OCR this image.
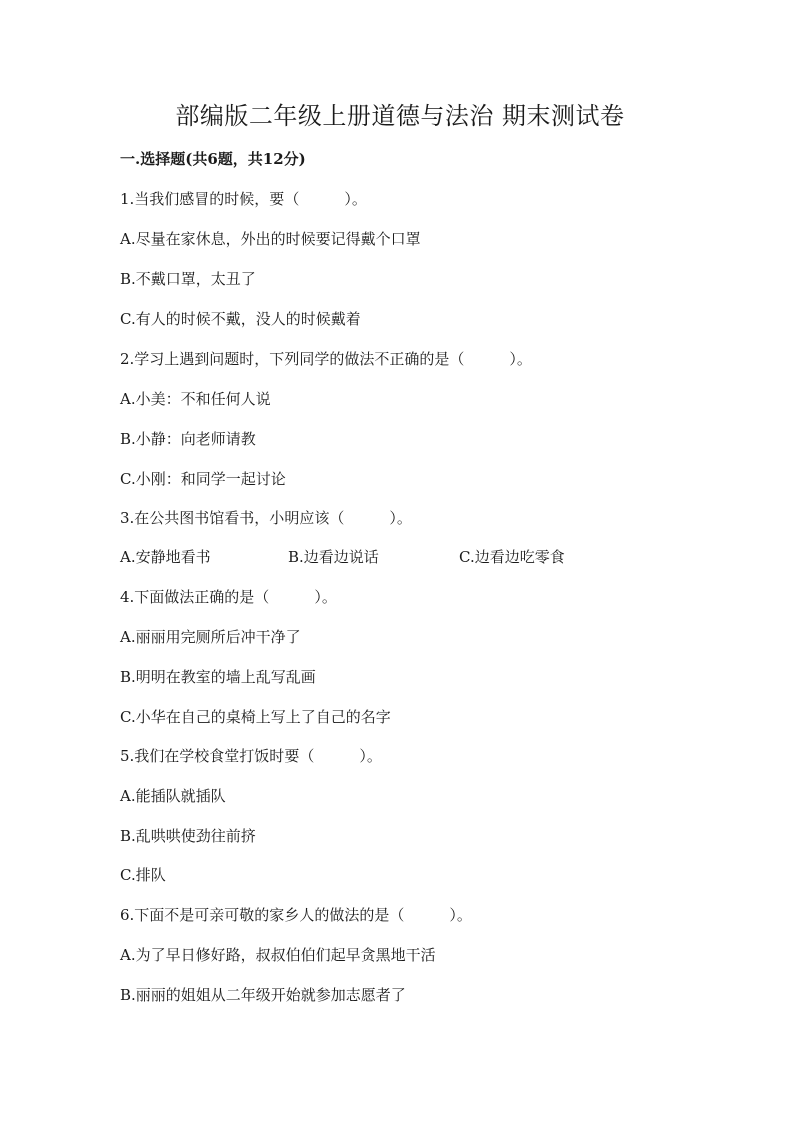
部编版二年级上册道德与法治 期末测试卷
一.选择题(共6题，共12分)
1.当我们感冒的时候，要（　　　）。
A.尽量在家休息，外出的时候要记得戴个口罩
B.不戴口罩，太丑了
C.有人的时候不戴，没人的时候戴着
2.学习上遇到问题时，下列同学的做法不正确的是（　　　）。
A.小美：不和任何人说
B.小静：向老师请教
C.小刚：和同学一起讨论
3.在公共图书馆看书，小明应该（　　　）。
A.安静地看书	B.边看边说话	C.边看边吃零食
4.下面做法正确的是（　　　）。
A.丽丽用完厕所后冲干净了
B.明明在教室的墙上乱写乱画
C.小华在自己的桌椅上写上了自己的名字
5.我们在学校食堂打饭时要（　　　）。
A.能插队就插队
B.乱哄哄使劲往前挤
C.排队
6.下面不是可亲可敬的家乡人的做法的是（　　　）。
A.为了早日修好路，叔叔伯伯们起早贪黑地干活
B.丽丽的姐姐从二年级开始就参加志愿者了
